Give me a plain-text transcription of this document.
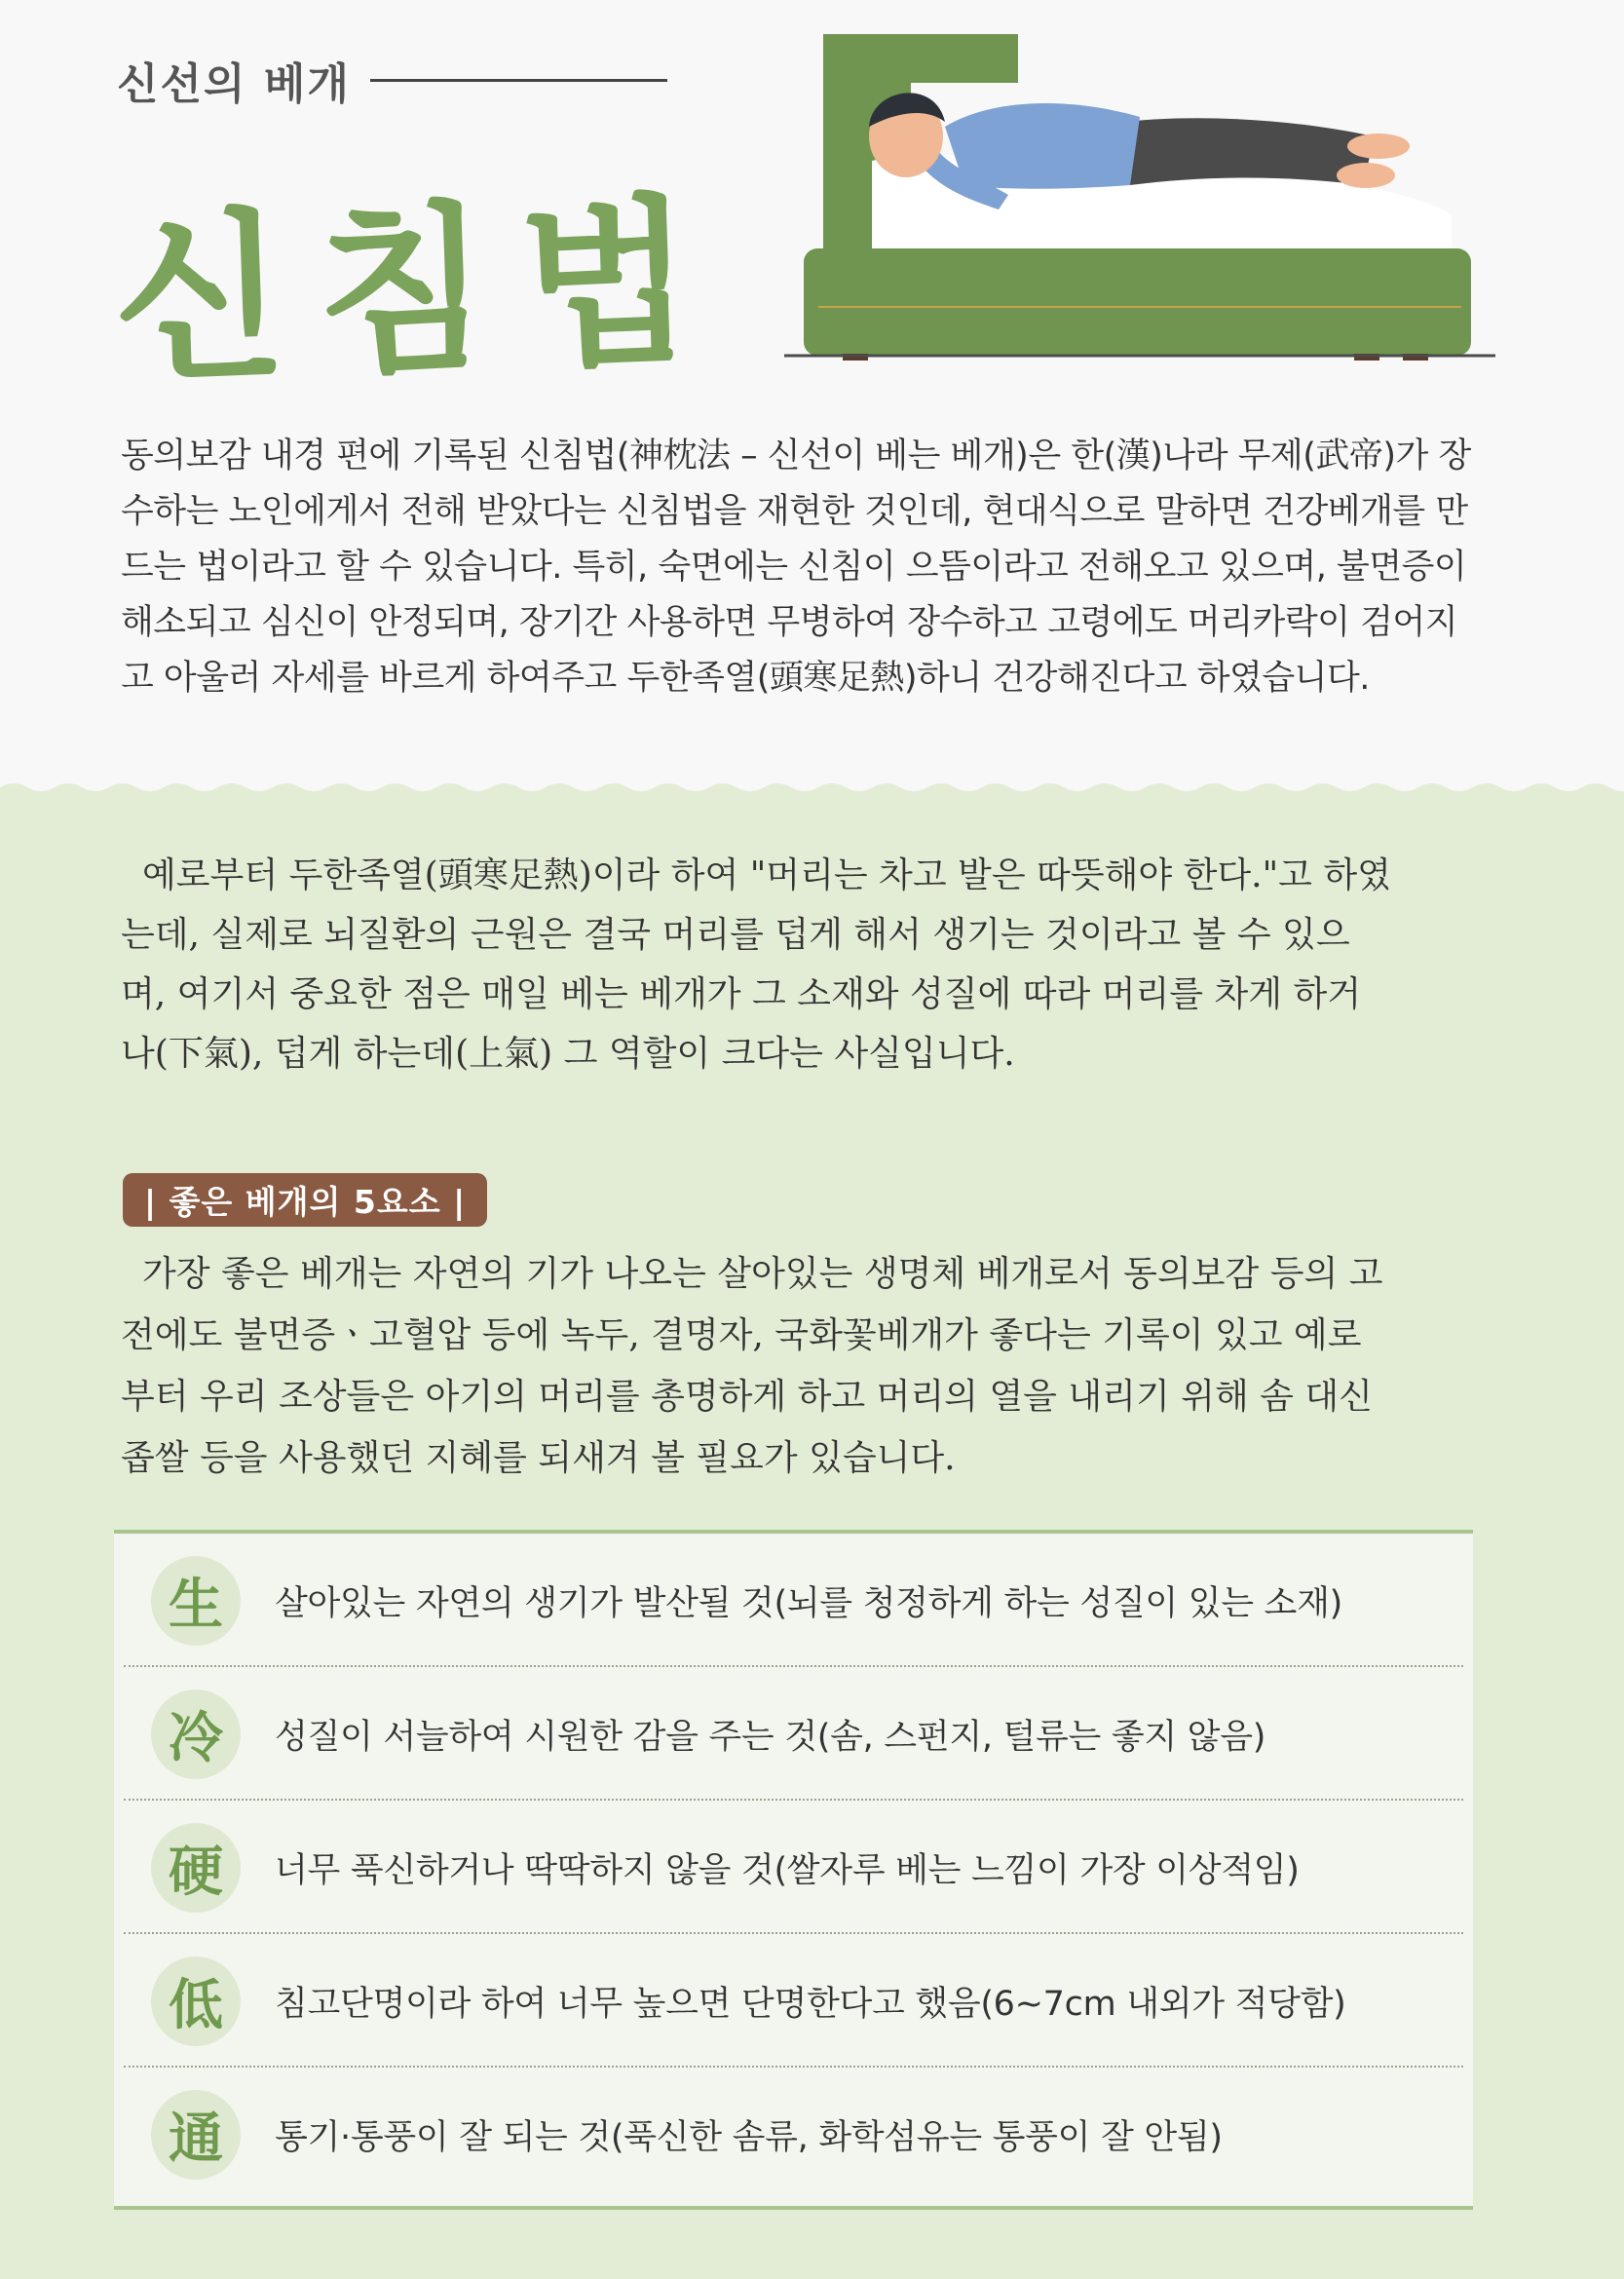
신선의 베개
신침법

동의보감 내경 편에 기록된 신침법(神枕法 – 신선이 베는 베개)은 한(漢)나라 무제(武帝)가 장

수하는 노인에게서 전해 받았다는 신침법을 재현한 것인데, 현대식으로 말하면 건강베개를 만

드는 법이라고 할 수 있습니다. 특히, 숙면에는 신침이 으뜸이라고 전해오고 있으며, 불면증이

해소되고 심신이 안정되며, 장기간 사용하면 무병하여 장수하고 고령에도 머리카락이 검어지

고 아울러 자세를 바르게 하여주고 두한족열(頭寒足熱)하니 건강해진다고 하였습니다.

예로부터 두한족열(頭寒足熱)이라 하여 "머리는 차고 발은 따뜻해야 한다."고 하였

는데, 실제로 뇌질환의 근원은 결국 머리를 덥게 해서 생기는 것이라고 볼 수 있으

며, 여기서 중요한 점은 매일 베는 베개가 그 소재와 성질에 따라 머리를 차게 하거

나(下氣), 덥게 하는데(上氣) 그 역할이 크다는 사실입니다.

| 좋은 베개의 5요소 |

가장 좋은 베개는 자연의 기가 나오는 살아있는 생명체 베개로서 동의보감 등의 고

전에도 불면증ㆍ고혈압 등에 녹두, 결명자, 국화꽃베개가 좋다는 기록이 있고 예로

부터 우리 조상들은 아기의 머리를 총명하게 하고 머리의 열을 내리기 위해 솜 대신

좁쌀 등을 사용했던 지혜를 되새겨 볼 필요가 있습니다.

生	살아있는 자연의 생기가 발산될 것(뇌를 청정하게 하는 성질이 있는 소재)
冷	성질이 서늘하여 시원한 감을 주는 것(솜, 스펀지, 털류는 좋지 않음)
硬	너무 푹신하거나 딱딱하지 않을 것(쌀자루 베는 느낌이 가장 이상적임)
低	침고단명이라 하여 너무 높으면 단명한다고 했음(6~7cm 내외가 적당함)
通	통기·통풍이 잘 되는 것(푹신한 솜류, 화학섬유는 통풍이 잘 안됨)
